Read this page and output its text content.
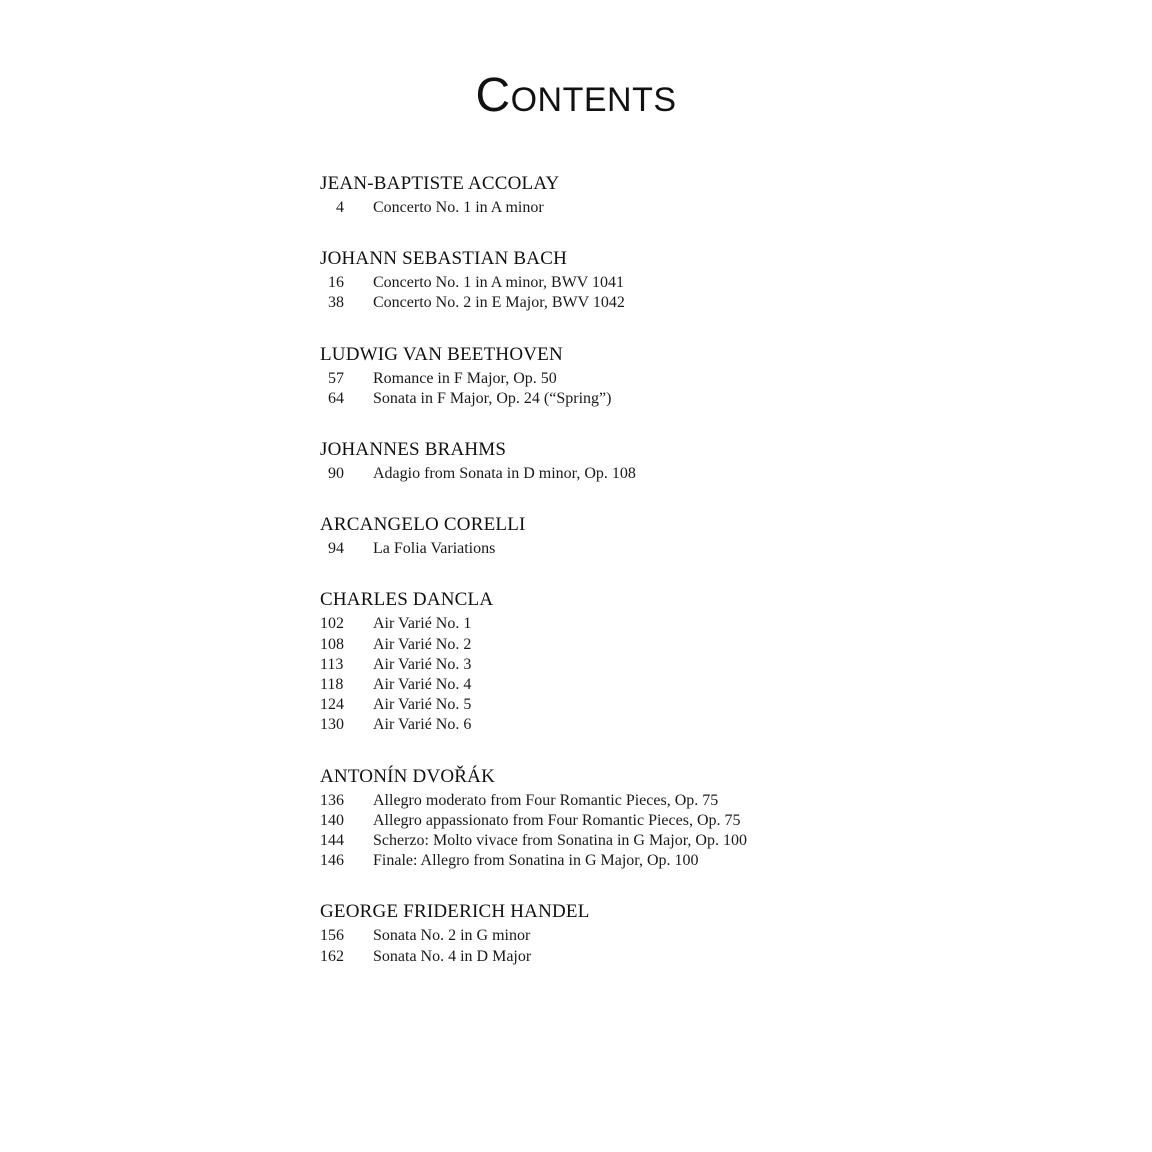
Contents
JEAN-BAPTISTE ACCOLAY
4	Concerto No. 1 in A minor
JOHANN SEBASTIAN BACH
16	Concerto No. 1 in A minor, BWV 1041
38	Concerto No. 2 in E Major, BWV 1042
LUDWIG VAN BEETHOVEN
57	Romance in F Major, Op. 50
64	Sonata in F Major, Op. 24 (“Spring”)
JOHANNES BRAHMS
90	Adagio from Sonata in D minor, Op. 108
ARCANGELO CORELLI
94	La Folia Variations
CHARLES DANCLA
102	Air Varié No. 1
108	Air Varié No. 2
113	Air Varié No. 3
118	Air Varié No. 4
124	Air Varié No. 5
130	Air Varié No. 6
ANTONÍN DVOŘÁK
136	Allegro moderato from Four Romantic Pieces, Op. 75
140	Allegro appassionato from Four Romantic Pieces, Op. 75
144	Scherzo: Molto vivace from Sonatina in G Major, Op. 100
146	Finale: Allegro from Sonatina in G Major, Op. 100
GEORGE FRIDERICH HANDEL
156	Sonata No. 2 in G minor
162	Sonata No. 4 in D Major
